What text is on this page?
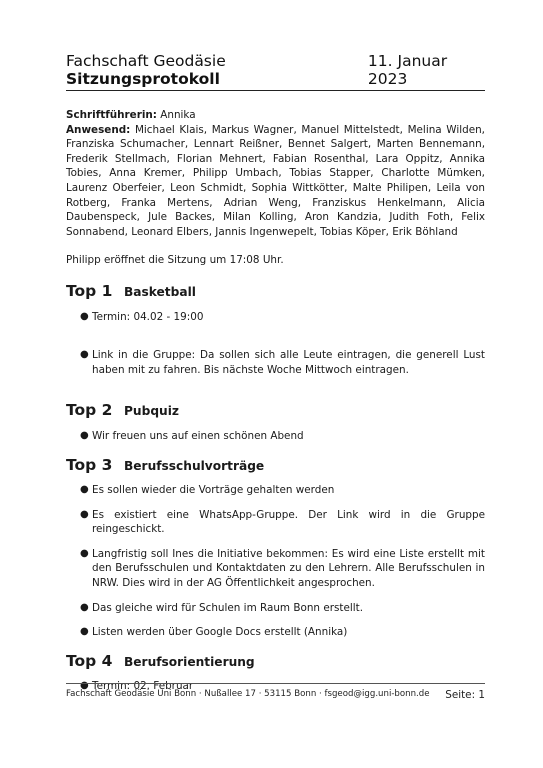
Fachschaft Geodäsie Sitzungsprotokoll
11. Januar 2023

Schriftführerin: Annika

Anwesend: Michael Klais, Markus Wagner, Manuel Mittelstedt, Melina Wilden, Franziska Schumacher, Lennart Reißner, Bennet Salgert, Marten Bennemann, Frederik Stellmach, Florian Mehnert, Fabian Rosenthal, Lara Oppitz, Annika Tobies, Anna Kremer, Philipp Umbach, Tobias Stapper, Charlotte Mümken, Laurenz Oberfeier, Leon Schmidt, Sophia Wittkötter, Malte Philipen, Leila von Rotberg, Franka Mertens, Adrian Weng, Franziskus Henkelmann, Alicia Daubenspeck, Jule Backes, Milan Kolling, Aron Kandzia, Judith Foth, Felix Sonnabend, Leonard Elbers, Jannis Ingenwepelt, Tobias Köper, Erik Böhland

Philipp eröffnet die Sitzung um 17:08 Uhr.

Top 1 Basketball
● Termin: 04.02 - 19:00
● Link in die Gruppe: Da sollen sich alle Leute eintragen, die generell Lust haben mit zu fahren. Bis nächste Woche Mittwoch eintragen.
Top 2 Pubquiz
● Wir freuen uns auf einen schönen Abend
Top 3 Berufsschulvorträge
● Es sollen wieder die Vorträge gehalten werden
● Es existiert eine WhatsApp-Gruppe. Der Link wird in die Gruppe reingeschickt.
● Langfristig soll Ines die Initiative bekommen: Es wird eine Liste erstellt mit den Berufsschulen und Kontaktdaten zu den Lehrern. Alle Berufsschulen in NRW. Dies wird in der AG Öffentlichkeit angesprochen.
● Das gleiche wird für Schulen im Raum Bonn erstellt.
● Listen werden über Google Docs erstellt (Annika)
Top 4 Berufsorientierung
● Termin: 02. Februar
Fachschaft Geodäsie Uni Bonn · Nußallee 17 · 53115 Bonn · fsgeod@igg.uni-bonn.de Seite: 1
